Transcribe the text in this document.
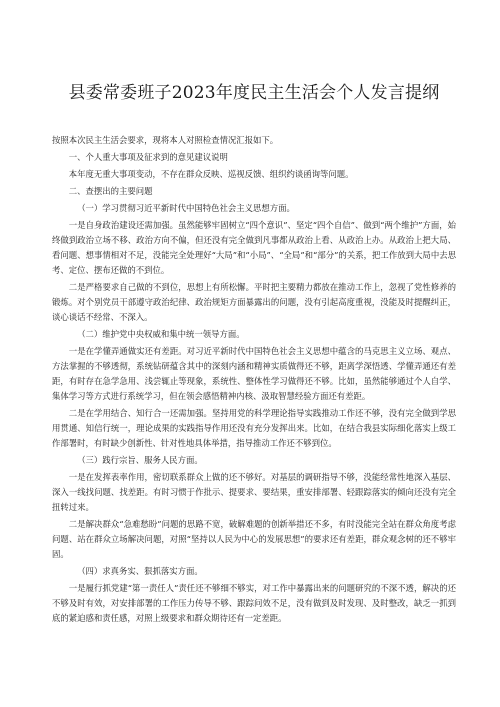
县委常委班子2023年度民主生活会个人发言提纲

按照本次民主生活会要求，现将本人对照检查情况汇报如下。

一、个人重大事项及征求到的意见建议说明

本年度无重大事项变动，不存在群众反映、巡视反馈、组织约谈函询等问题。

二、查摆出的主要问题

（一）学习贯彻习近平新时代中国特色社会主义思想方面。

一是自身政治建设还需加强。虽然能够牢固树立“四个意识”、坚定“四个自信”、做到“两个维护”方面，始终做到政治立场不移、政治方向不偏，但还没有完全做到凡事都从政治上看、从政治上办。从政治上把大局、看问题、想事情相对不足，没能完全处理好“大局”和“小局”、“全局”和“部分”的关系，把工作放到大局中去思考、定位、摆布还做的不到位。

二是严格要求自己做的不到位，思想上有所松懈。平时把主要精力都放在推动工作上，忽视了党性修养的锻炼。对个别党员干部遵守政治纪律、政治规矩方面暴露出的问题，没有引起高度重视，没能及时提醒纠正，谈心谈话不经常、不深入。

（二）维护党中央权威和集中统一领导方面。

一是在学懂弄通做实还有差距。对习近平新时代中国特色社会主义思想中蕴含的马克思主义立场、观点、方法掌握的不够透彻，系统钻研蕴含其中的深刻内涵和精神实质做得还不够，距离学深悟透、学懂弄通还有差距，有时存在急学急用、浅尝辄止等现象，系统性、整体性学习做得还不够。比如，虽然能够通过个人自学、集体学习等方式进行系统学习，但在领会感悟精神内核、汲取智慧经验方面还有差距。

二是在学用结合、知行合一还需加强。坚持用党的科学理论指导实践推动工作还不够，没有完全做到学思用贯通、知信行统一，理论成果的实践指导作用还没有充分发挥出来。比如，在结合我县实际细化落实上级工作部署时，有时缺少创新性、针对性地具体举措，指导推动工作还不够到位。

（三）践行宗旨、服务人民方面。

一是在发挥表率作用，密切联系群众上做的还不够好。对基层的调研指导不够，没能经常性地深入基层、深入一线找问题、找差距。有时习惯于作批示、提要求、要结果，重安排部署、轻跟踪落实的倾向还没有完全扭转过来。

二是解决群众“急难愁盼”问题的思路不宽，破解难题的创新举措还不多，有时没能完全站在群众角度考虑问题、站在群众立场解决问题，对照“坚持以人民为中心的发展思想”的要求还有差距，群众观念树的还不够牢固。

（四）求真务实、狠抓落实方面。

一是履行抓党建“第一责任人”责任还不够细不够实，对工作中暴露出来的问题研究的不深不透，解决的还不够及时有效，对安排部署的工作压力传导不够、跟踪问效不足，没有做到及时发现、及时整改，缺乏一抓到底的紧迫感和责任感，对照上级要求和群众期待还有一定差距。
